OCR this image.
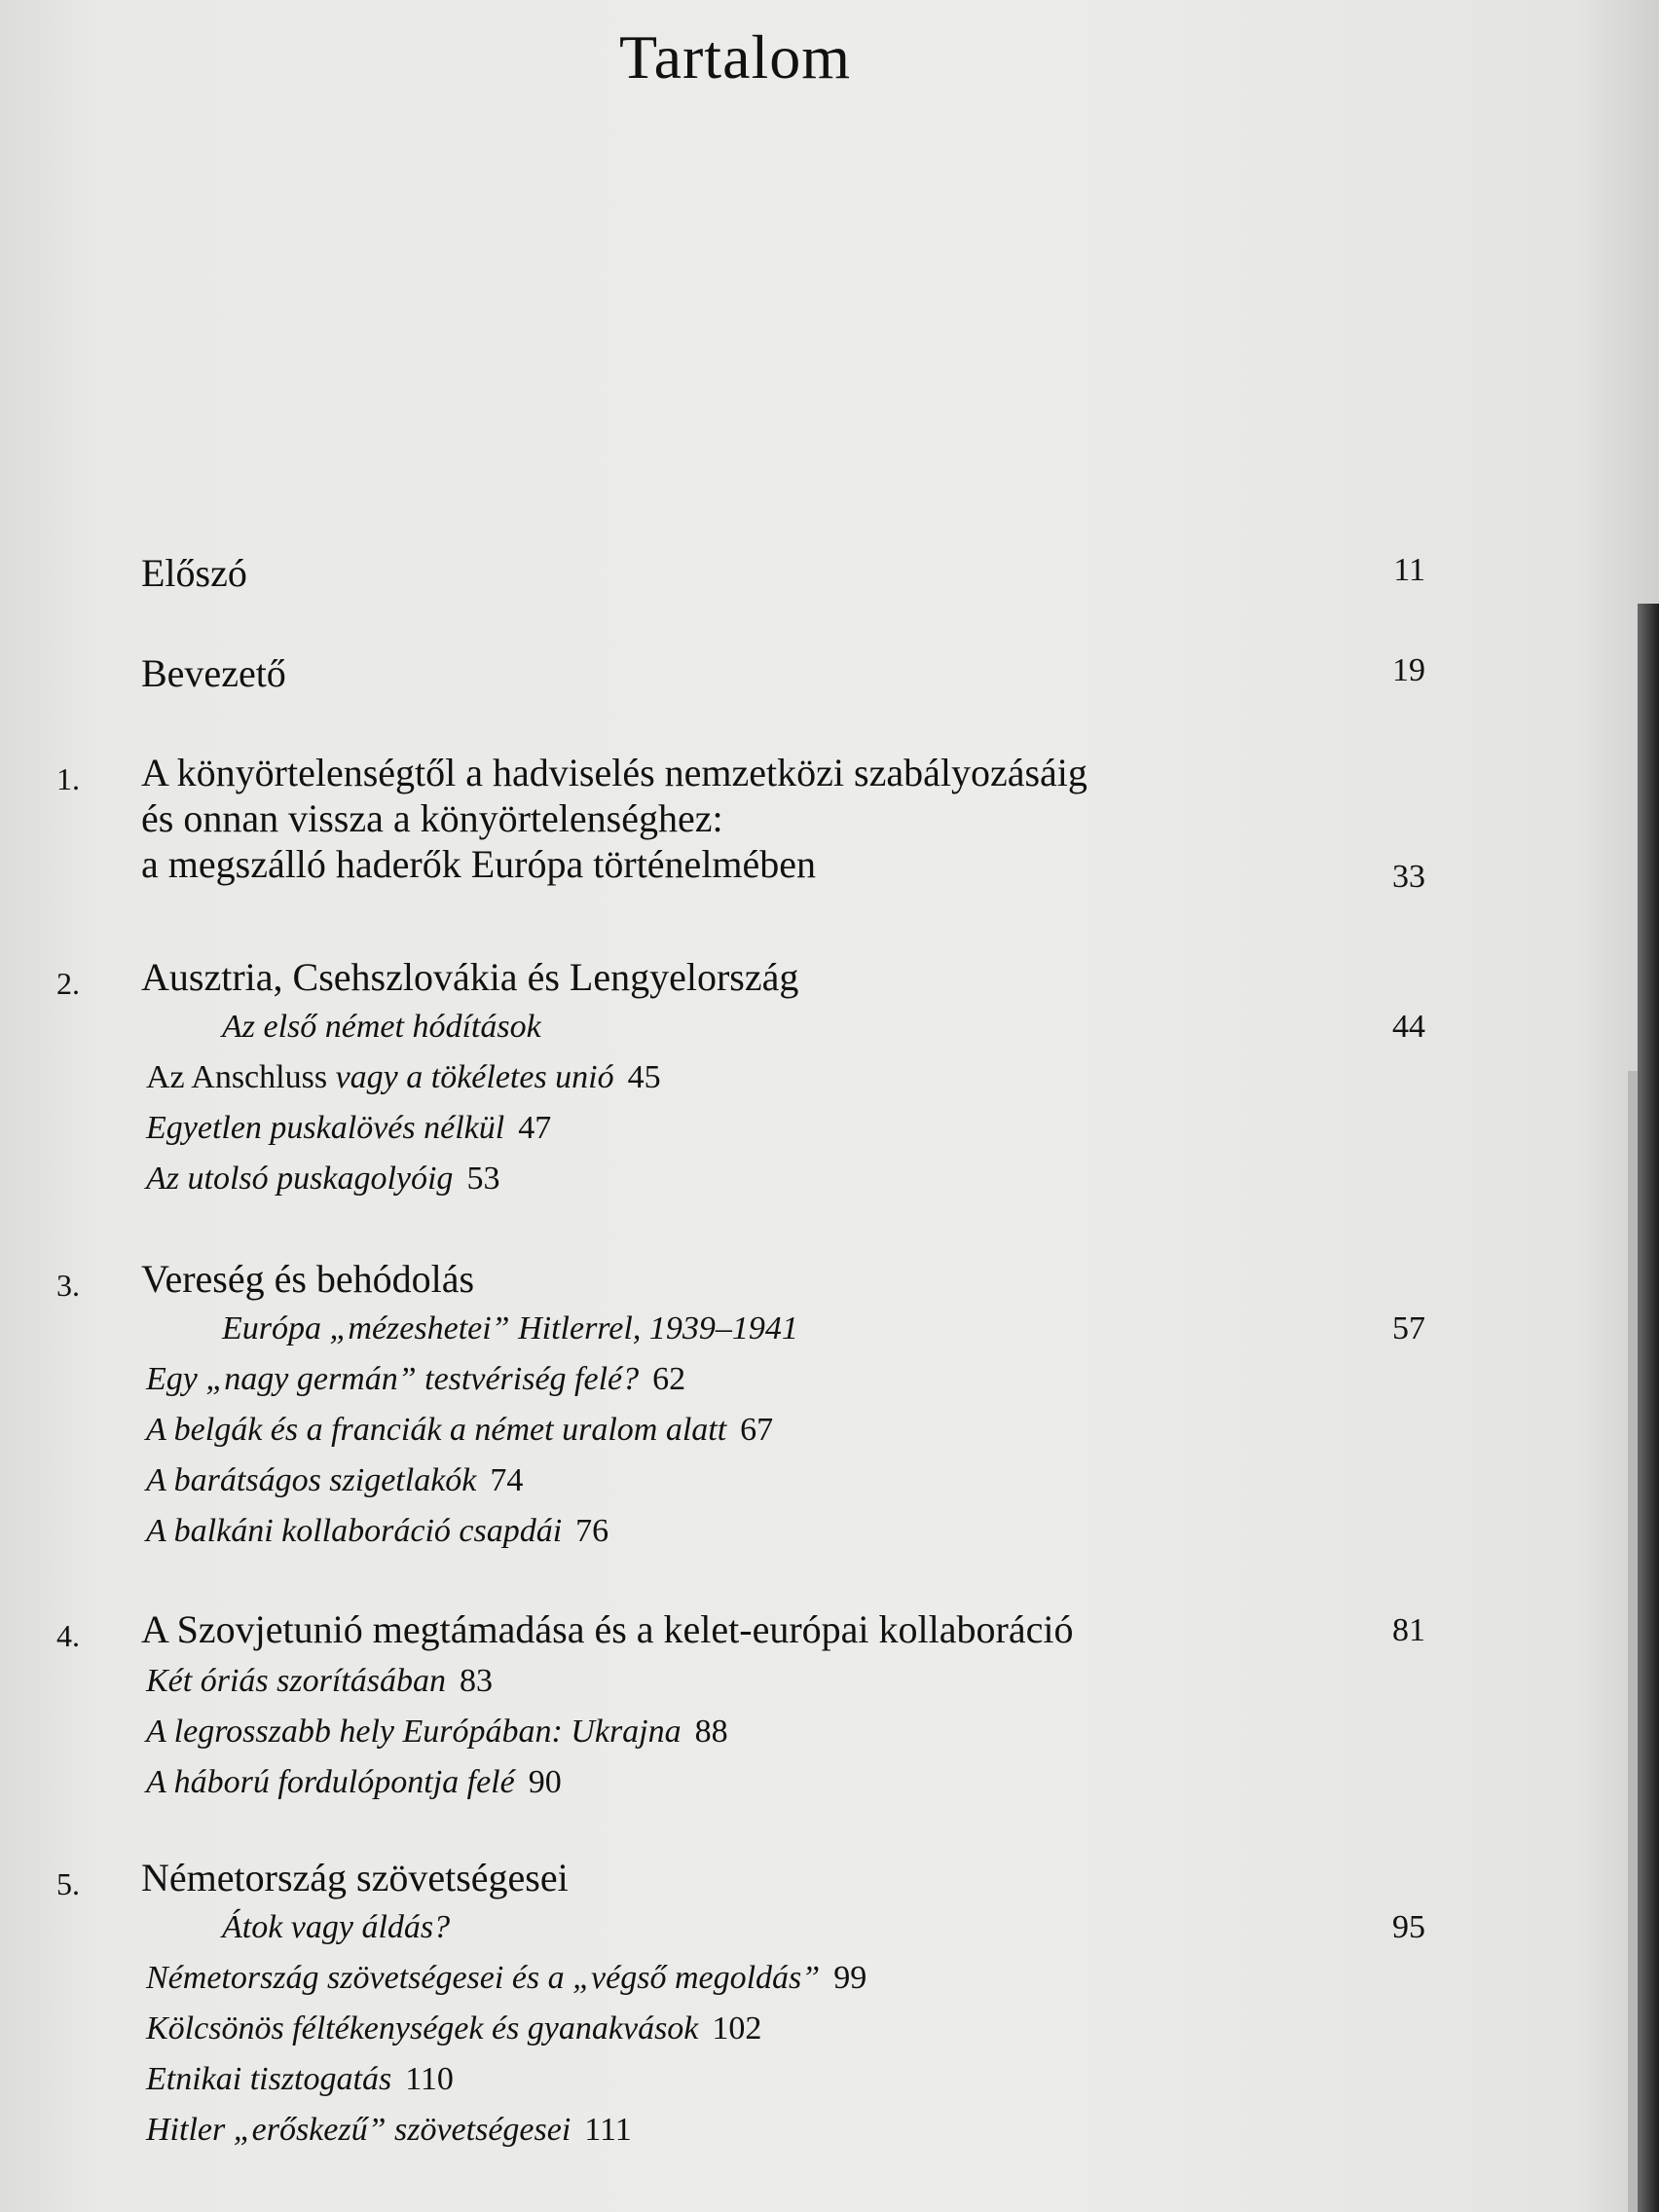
Tartalom
Előszó	11
Bevezető	19
1. A könyörtelenségtől a hadviselés nemzetközi szabályozásáig
és onnan vissza a könyörtelenséghez:
a megszálló haderők Európa történelmében	33
2. Ausztria, Csehszlovákia és Lengyelország
Az első német hódítások	44
Az Anschluss vagy a tökéletes unió 45
Egyetlen puskalövés nélkül 47
Az utolsó puskagolyóig 53
3. Vereség és behódolás
Európa „mézeshetei” Hitlerrel, 1939–1941	57
Egy „nagy germán” testvériség felé? 62
A belgák és a franciák a német uralom alatt 67
A barátságos szigetlakók 74
A balkáni kollaboráció csapdái 76
4. A Szovjetunió megtámadása és a kelet-európai kollaboráció	81
Két óriás szorításában 83
A legrosszabb hely Európában: Ukrajna 88
A háború fordulópontja felé 90
5. Németország szövetségesei
Átok vagy áldás?	95
Németország szövetségesei és a „végső megoldás” 99
Kölcsönös féltékenységek és gyanakvások 102
Etnikai tisztogatás 110
Hitler „erőskezű” szövetségesei 111
